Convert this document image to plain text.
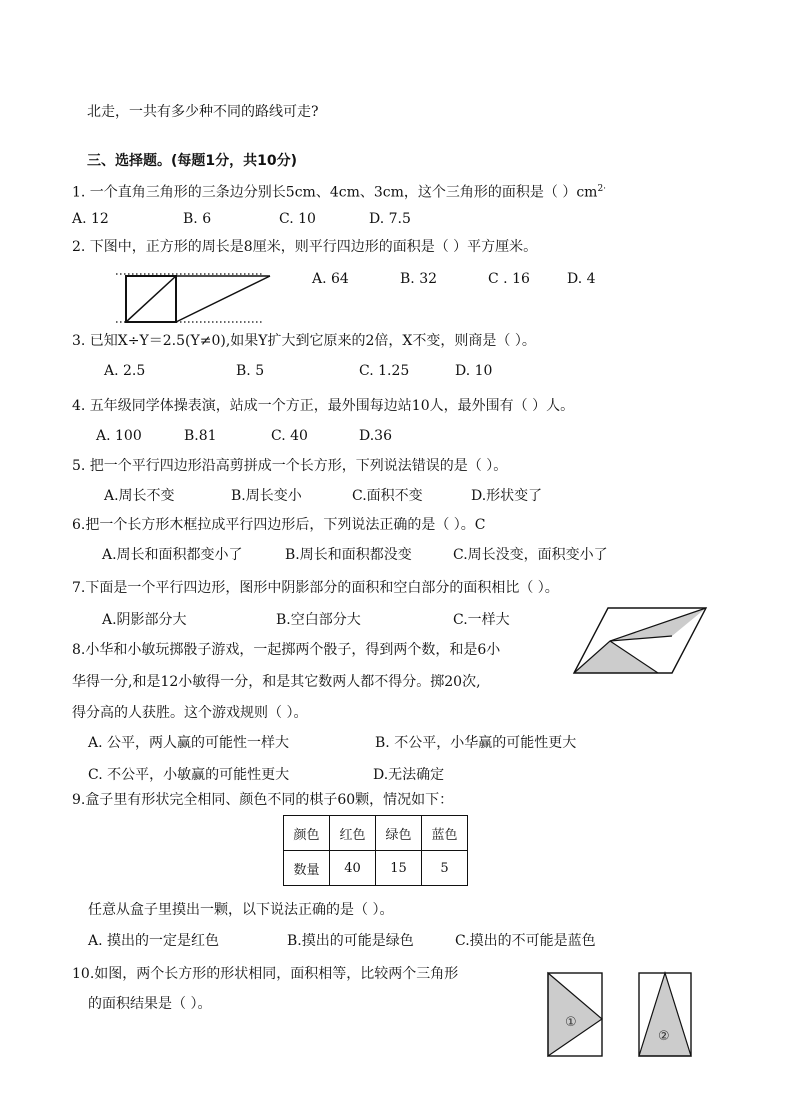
北走，一共有多少种不同的路线可走?
三、选择题。(每题1分，共10分)
1. 一个直角三角形的三条边分别长5cm、4cm、3cm，这个三角形的面积是（ ）$cm^{2\cdot}$
A. 12	B. 6	C. 10	D. 7.5
2. 下图中，正方形的周长是8厘米，则平行四边形的面积是（ ）平方厘米。
A. 64	B. 32	C . 16	D. 4
3. 已知X÷Y＝2.5(Y≠0),如果Y扩大到它原来的2倍，X不变，则商是（ ）。
A. 2.5	B. 5	C. 1.25	D. 10
4. 五年级同学体操表演，站成一个方正，最外围每边站10人，最外围有（ ）人。
A. 100	B.81	C. 40	D.36
5. 把一个平行四边形沿高剪拼成一个长方形，下列说法错误的是（ ）。
A.周长不变	B.周长变小	C.面积不变	D.形状变了
6.把一个长方形木框拉成平行四边形后，下列说法正确的是（ ）。C
A.周长和面积都变小了	B.周长和面积都没变	C.周长没变，面积变小了
7.下面是一个平行四边形，图形中阴影部分的面积和空白部分的面积相比（ ）。
A.阴影部分大	B.空白部分大	C.一样大
8.小华和小敏玩掷骰子游戏，一起掷两个骰子，得到两个数，和是6小
华得一分,和是12小敏得一分，和是其它数两人都不得分。掷20次,
得分高的人获胜。这个游戏规则（ ）。
A. 公平，两人赢的可能性一样大	B. 不公平，小华赢的可能性更大
C. 不公平，小敏赢的可能性更大	D.无法确定
9.盒子里有形状完全相同、颜色不同的棋子60颗，情况如下：
颜色	红色	绿色	蓝色
数量	40	15	5
任意从盒子里摸出一颗，以下说法正确的是（ ）。
A. 摸出的一定是红色	B.摸出的可能是绿色	C.摸出的不可能是蓝色
10.如图，两个长方形的形状相同，面积相等，比较两个三角形
的面积结果是（ ）。
①
②
